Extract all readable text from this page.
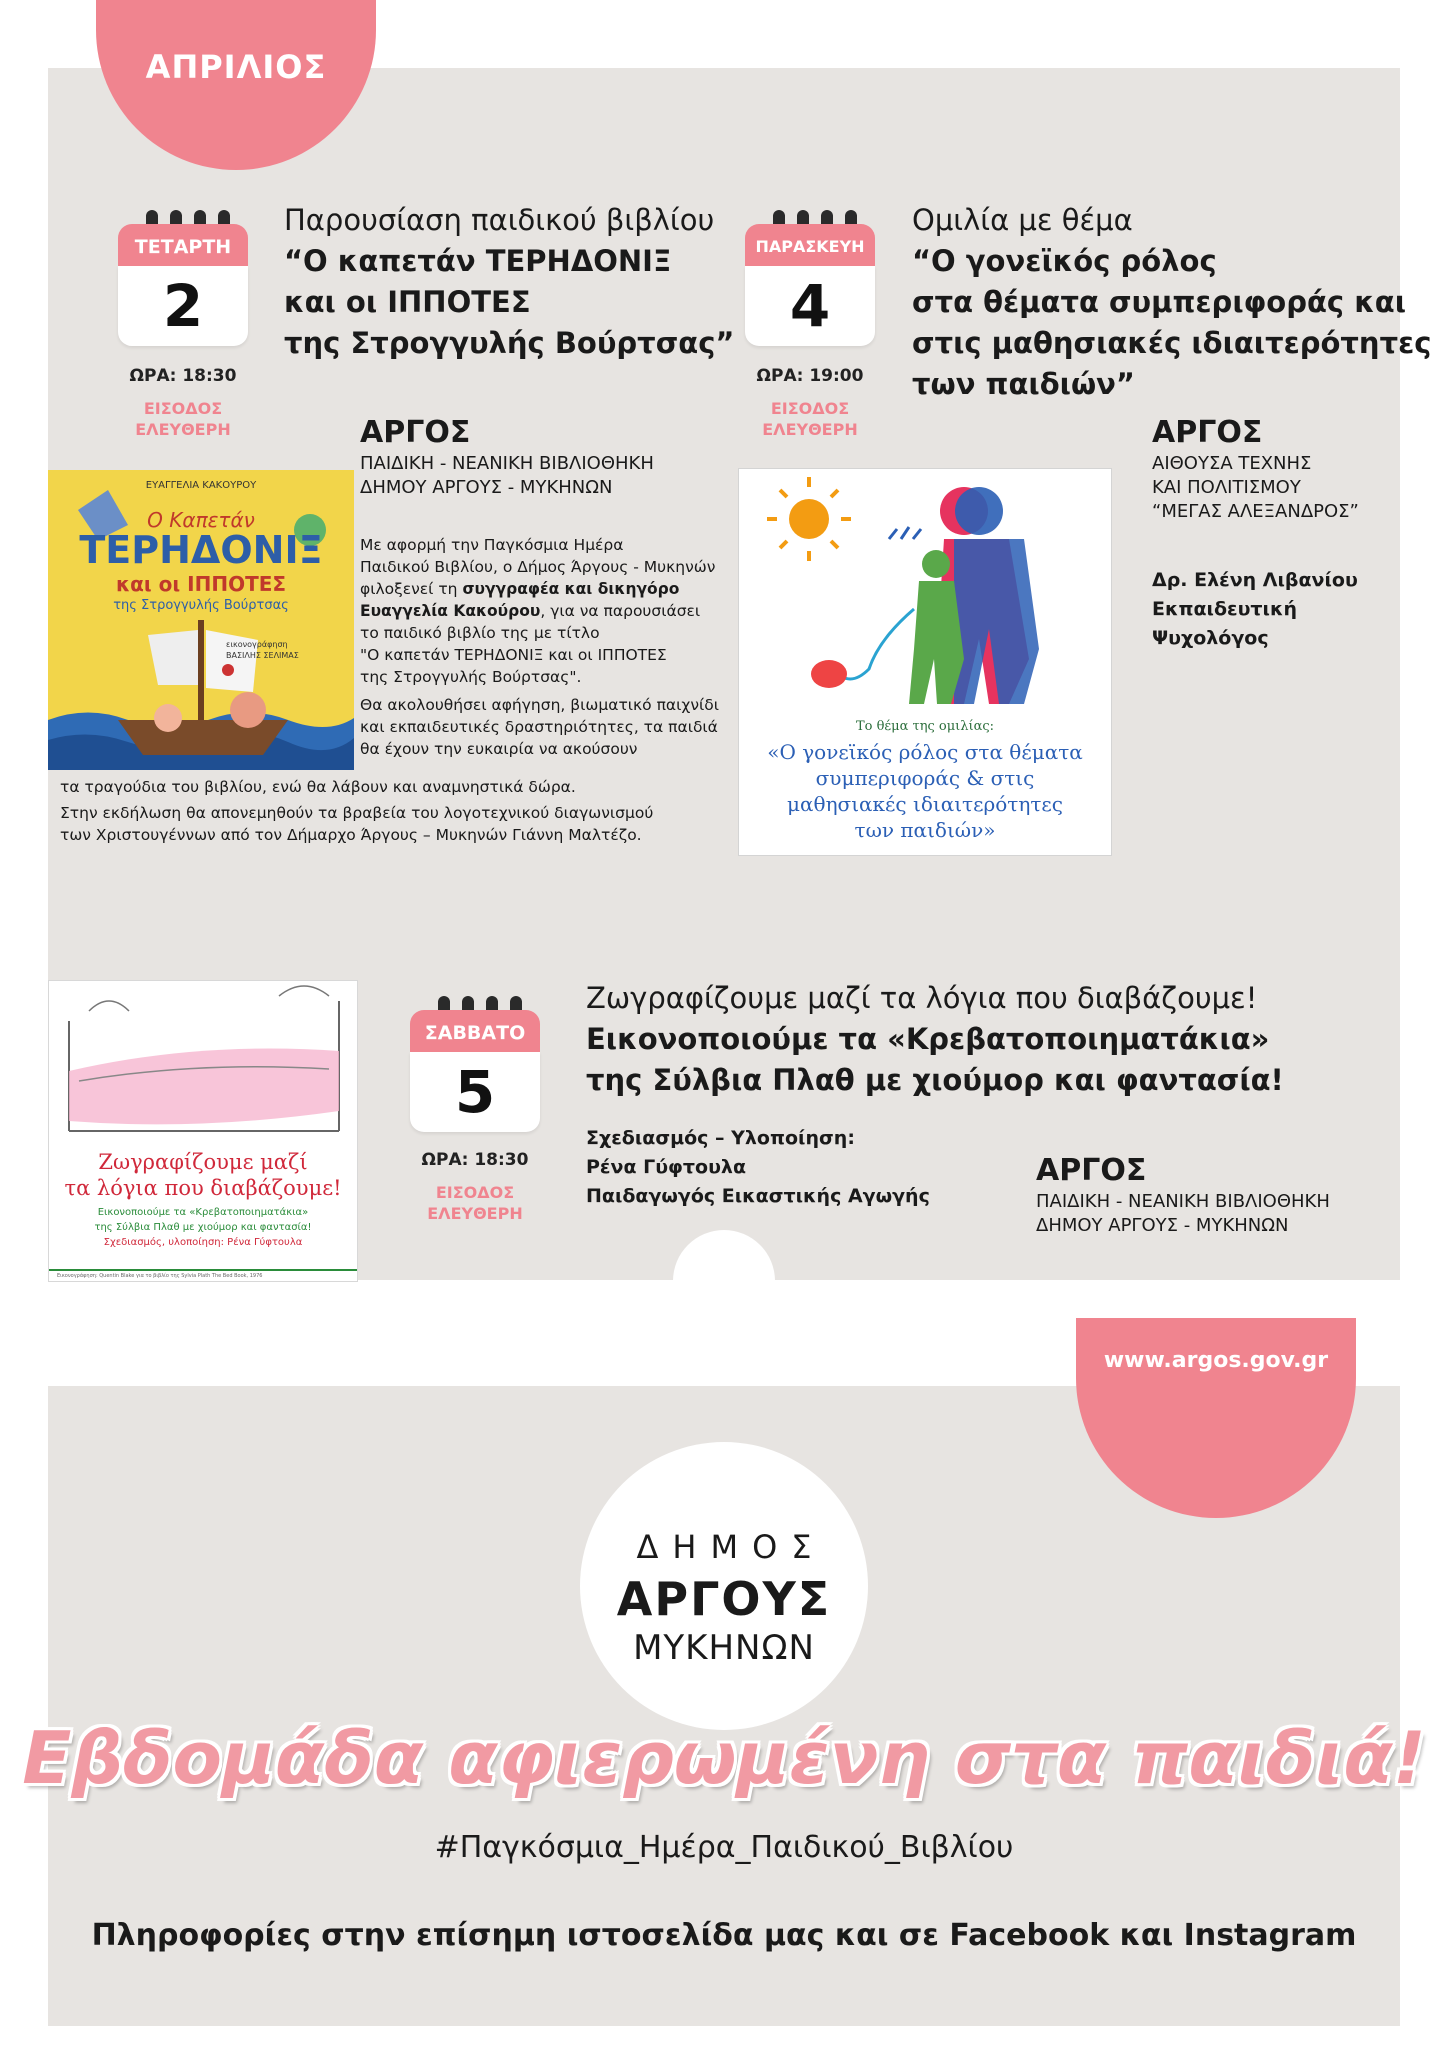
ΑΠΡΙΛΙΟΣ
ΤΕΤΑΡΤΗ
2
ΩΡΑ: 18:30
ΕΙΣΟΔΟΣ
ΕΛΕΥΘΕΡΗ
Παρουσίαση παιδικού βιβλίου
“Ο καπετάν ΤΕΡΗΔΟΝΙΞ
και οι ΙΠΠΟΤΕΣ
της Στρογγυλής Βούρτσας”
ΑΡΓΟΣ
ΠΑΙΔΙΚΗ - ΝΕΑΝΙΚΗ ΒΙΒΛΙΟΘΗΚΗ
ΔΗΜΟΥ ΑΡΓΟΥΣ - ΜΥΚΗΝΩΝ
ΕΥΑΓΓΕΛΙΑ ΚΑΚΟΥΡΟΥ
Ο Καπετάν
ΤΕΡΗΔΟΝΙΞ
και οι ΙΠΠΟΤΕΣ
της Στρογγυλής Βούρτσας
εικονογράφηση
ΒΑΣΙΛΗΣ ΣΕΛΙΜΑΣ
Με αφορμή την Παγκόσμια Ημέρα
Παιδικού Βιβλίου, ο Δήμος Άργους - Μυκηνών
φιλοξενεί τη συγγραφέα και δικηγόρο
Ευαγγελία Κακούρου, για να παρουσιάσει
το παιδικό βιβλίο της με τίτλο
"Ο καπετάν ΤΕΡΗΔΟΝΙΞ και οι ΙΠΠΟΤΕΣ
της Στρογγυλής Βούρτσας".
Θα ακολουθήσει αφήγηση, βιωματικό παιχνίδι
και εκπαιδευτικές δραστηριότητες, τα παιδιά
θα έχουν την ευκαιρία να ακούσουν
τα τραγούδια του βιβλίου, ενώ θα λάβουν και αναμνηστικά δώρα.
Στην εκδήλωση θα απονεμηθούν τα βραβεία του λογοτεχνικού διαγωνισμού
των Χριστουγέννων από τον Δήμαρχο Άργους – Μυκηνών Γιάννη Μαλτέζο.
ΠΑΡΑΣΚΕΥΗ
4
ΩΡΑ: 19:00
ΕΙΣΟΔΟΣ
ΕΛΕΥΘΕΡΗ
Ομιλία με θέμα
“Ο γονεϊκός ρόλος
στα θέματα συμπεριφοράς και
στις μαθησιακές ιδιαιτερότητες
των παιδιών”
ΑΡΓΟΣ
ΑΙΘΟΥΣΑ ΤΕΧΝΗΣ
ΚΑΙ ΠΟΛΙΤΙΣΜΟΥ
“ΜΕΓΑΣ ΑΛΕΞΑΝΔΡΟΣ”
Δρ. Ελένη Λιβανίου
Εκπαιδευτική
Ψυχολόγος
Το θέμα της ομιλίας:
«Ο γονεϊκός ρόλος στα θέματα
συμπεριφοράς & στις
μαθησιακές ιδιαιτερότητες
των παιδιών»
Ζωγραφίζουμε μαζί
τα λόγια που διαβάζουμε!
Εικονοποιούμε τα «Κρεβατοποιηματάκια»
της Σύλβια Πλαθ με χιούμορ και φαντασία!
Σχεδιασμός, υλοποίηση: Ρένα Γύφτουλα
Εικονογράφηση: Quentin Blake για το βιβλίο της Sylvia Plath The Bed Book, 1976
ΣΑΒΒΑΤΟ
5
ΩΡΑ: 18:30
ΕΙΣΟΔΟΣ
ΕΛΕΥΘΕΡΗ
Ζωγραφίζουμε μαζί τα λόγια που διαβάζουμε!
Εικονοποιούμε τα «Κρεβατοποιηματάκια»
της Σύλβια Πλαθ με χιούμορ και φαντασία!
Σχεδιασμός – Υλοποίηση:
Ρένα Γύφτουλα
Παιδαγωγός Εικαστικής Αγωγής
ΑΡΓΟΣ
ΠΑΙΔΙΚΗ - ΝΕΑΝΙΚΗ ΒΙΒΛΙΟΘΗΚΗ
ΔΗΜΟΥ ΑΡΓΟΥΣ - ΜΥΚΗΝΩΝ
www.argos.gov.gr
ΔΗΜΟΣ
ΑΡΓΟΥΣ
ΜΥΚΗΝΩΝ
Εβδομάδα αφιερωμένη στα παιδιά!
#Παγκόσμια_Ημέρα_Παιδικού_Βιβλίου
Πληροφορίες στην επίσημη ιστοσελίδα μας και σε Facebook και Instagram
